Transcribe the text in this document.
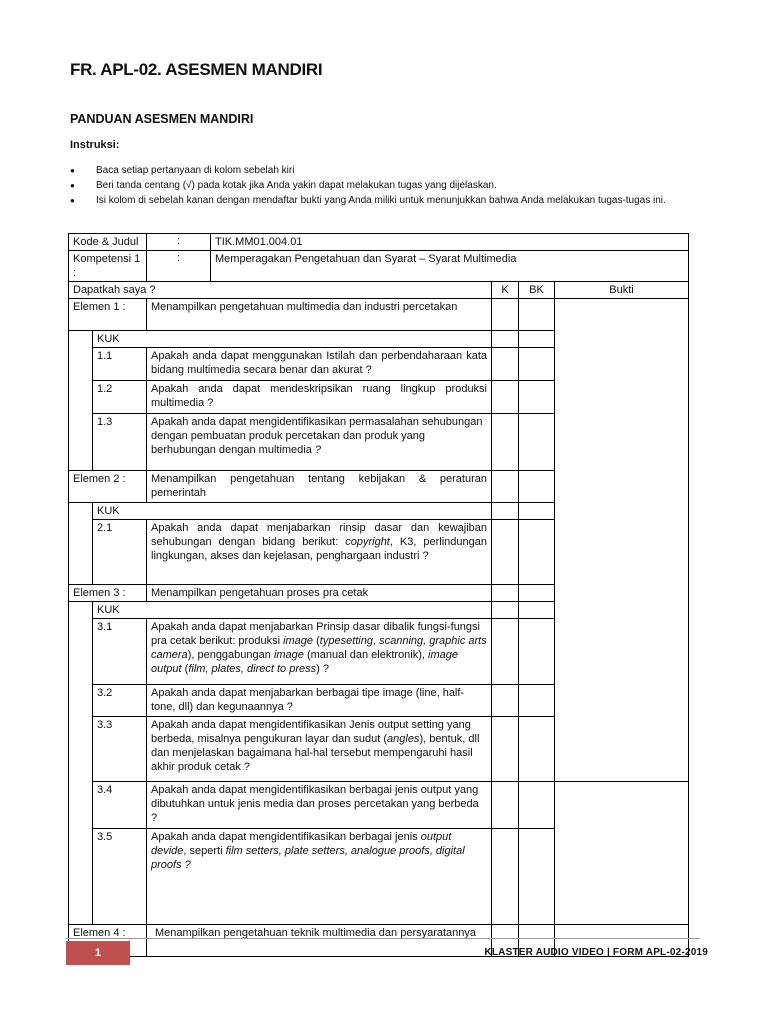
FR. APL-02. ASESMEN MANDIRI
PANDUAN ASESMEN MANDIRI
Instruksi:
● Baca setiap pertanyaan di kolom sebelah kiri
● Beri tanda centang (√) pada kotak jika Anda yakin dapat melakukan tugas yang dijelaskan.
● Isi kolom di sebelah kanan dengan mendaftar bukti yang Anda miliki untuk menunjukkan bahwa Anda melakukan tugas-tugas ini.
Kode & Judul		:	TIK.MM01.004.01			
Kompetensi 1 :		:	Memperagakan Pengetahuan dan Syarat – Syarat Multimedia			
Dapatkah saya ?				K	BK	Bukti
Elemen 1 :		Menampilkan pengetahuan multimedia dan industri percetakan				
	KUK					
	1.1	Apakah anda dapat menggunakan Istilah dan perbendaharaan kata bidang multimedia secara benar dan akurat ?				
	1.2	Apakah anda dapat mendeskripsikan ruang lingkup produksi multimedia ?				
	1.3	Apakah anda dapat mengidentifikasikan permasalahan sehubungan dengan pembuatan produk percetakan dan produk yang berhubungan dengan multimedia ?				
Elemen 2 :		Menampilkan pengetahuan tentang kebijakan & peraturan pemerintah				
	KUK					
	2.1	Apakah anda dapat menjabarkan rinsip dasar dan kewajiban sehubungan dengan bidang berikut: copyright, K3, perlindungan lingkungan, akses dan kejelasan, penghargaan industri ?				
Elemen 3 :		Menampilkan pengetahuan proses pra cetak				
	KUK					
	3.1	Apakah anda dapat menjabarkan Prinsip dasar dibalik fungsi-fungsi pra cetak berikut: produksi image (typesetting, scanning, graphic arts camera), penggabungan image (manual dan elektronik), image output (film, plates, direct to press) ?				
	3.2	Apakah anda dapat menjabarkan berbagai tipe image (line, half-tone, dll) dan kegunaannya ?				
	3.3	Apakah anda dapat mengidentifikasikan Jenis output setting yang berbeda, misalnya pengukuran layar dan sudut (angles), bentuk, dll dan menjelaskan bagaimana hal-hal tersebut mempengaruhi hasil akhir produk cetak ?				
	3.4	Apakah anda dapat mengidentifikasikan berbagai jenis output yang dibutuhkan untuk jenis media dan proses percetakan yang berbeda ?				
	3.5	Apakah anda dapat mengidentifikasikan berbagai jenis output devide, seperti film setters, plate setters, analogue proofs, digital proofs ?				
Elemen 4 :		Menampilkan pengetahuan teknik multimedia dan persyaratannya				
1	KLASTER AUDIO VIDEO | FORM APL-02-2019
